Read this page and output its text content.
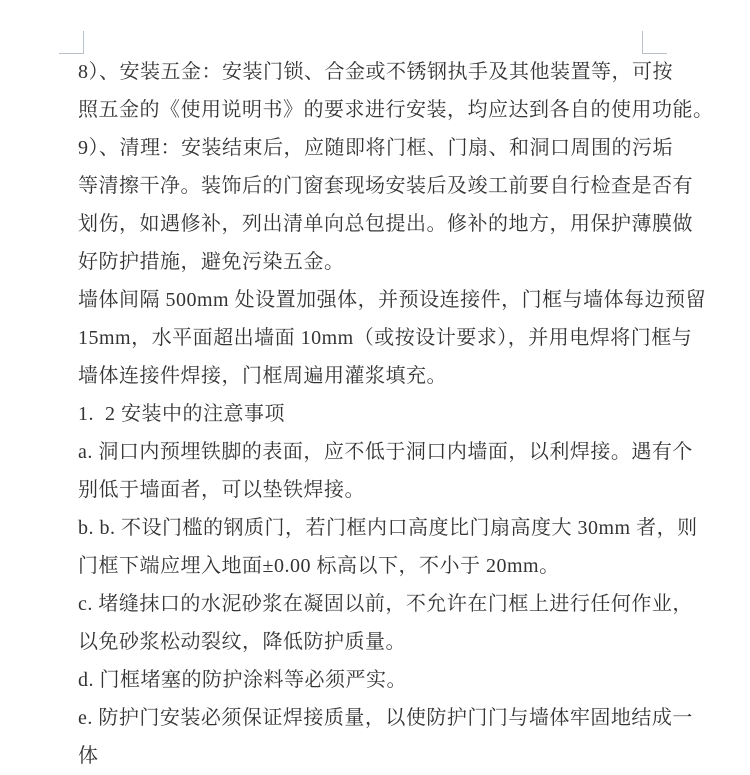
8）、安装五金：安装门锁、合金或不锈钢执手及其他装置等，可按
照五金的《使用说明书》的要求进行安装，均应达到各自的使用功能。
9）、清理：安装结束后，应随即将门框、门扇、和洞口周围的污垢
等清擦干净。装饰后的门窗套现场安装后及竣工前要自行检查是否有
划伤，如遇修补，列出清单向总包提出。修补的地方，用保护薄膜做
好防护措施，避免污染五金。
墙体间隔 500mm 处设置加强体，并预设连接件，门框与墙体每边预留
15mm，水平面超出墙面 10mm（或按设计要求），并用电焊将门框与
墙体连接件焊接，门框周遍用灌浆填充。
1.  2 安装中的注意事项
a. 洞口内预埋铁脚的表面，应不低于洞口内墙面，以利焊接。遇有个
别低于墙面者，可以垫铁焊接。
b. b. 不设门槛的钢质门，若门框内口高度比门扇高度大 30mm 者，则
门框下端应埋入地面±0.00 标高以下，不小于 20mm。
c. 堵缝抹口的水泥砂浆在凝固以前，不允许在门框上进行任何作业，
以免砂浆松动裂纹，降低防护质量。
d. 门框堵塞的防护涂料等必须严实。
e. 防护门安装必须保证焊接质量，以使防护门门与墙体牢固地结成一
体
